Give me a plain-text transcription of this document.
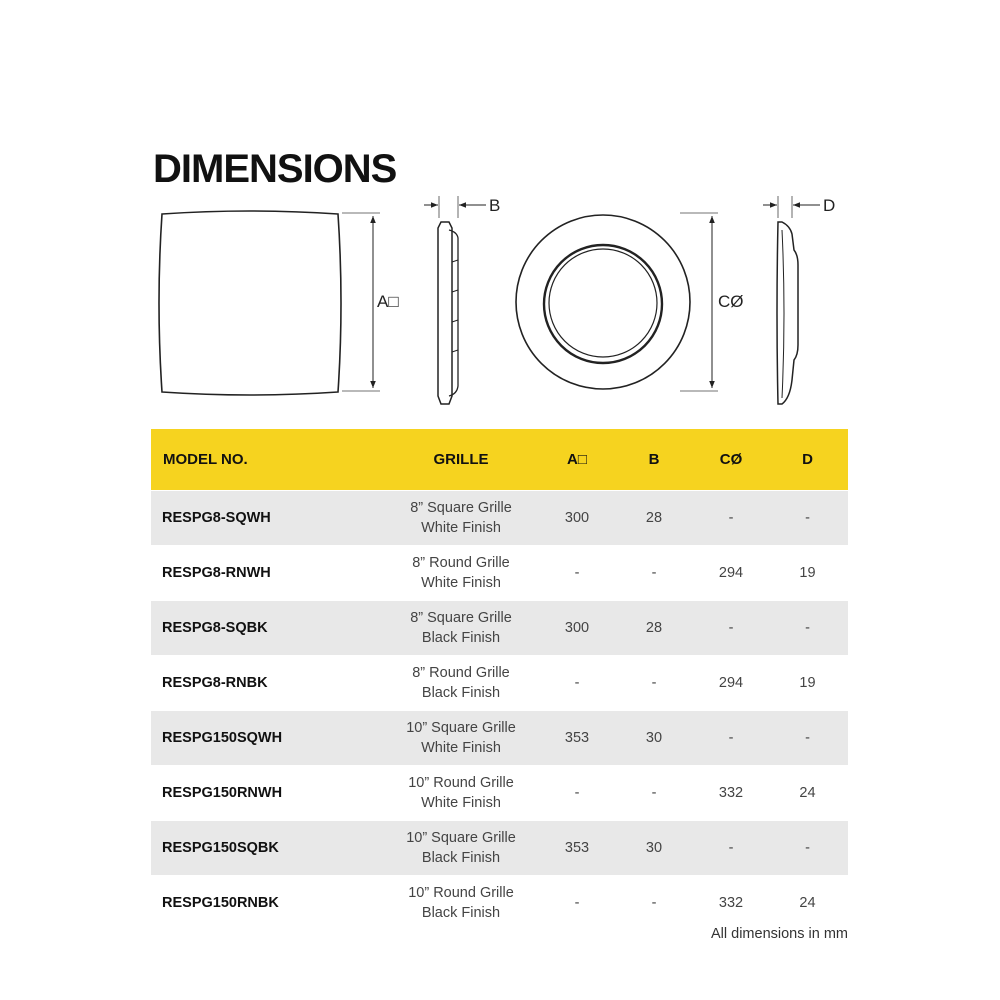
DIMENSIONS
A□
B
CØ
D
MODEL NO.	GRILLE	A□	B	CØ	D
RESPG8-SQWH	8” Square Grille
White Finish	300	28	-	-
RESPG8-RNWH	8” Round Grille
White Finish	-	-	294	19
RESPG8-SQBK	8” Square Grille
Black Finish	300	28	-	-
RESPG8-RNBK	8” Round Grille
Black Finish	-	-	294	19
RESPG150SQWH	10” Square Grille
White Finish	353	30	-	-
RESPG150RNWH	10” Round Grille
White Finish	-	-	332	24
RESPG150SQBK	10” Square Grille
Black Finish	353	30	-	-
RESPG150RNBK	10” Round Grille
Black Finish	-	-	332	24
All dimensions in mm
